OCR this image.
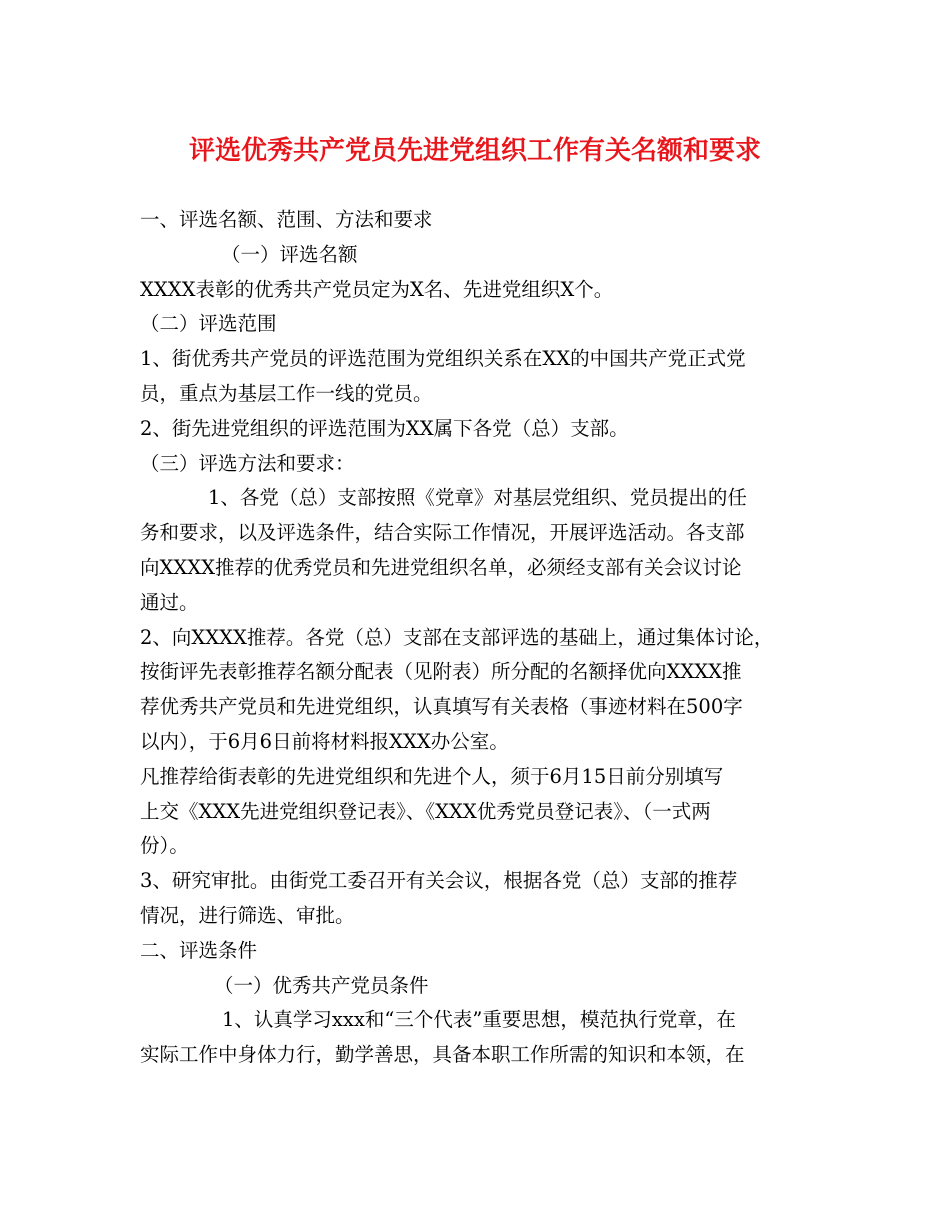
评选优秀共产党员先进党组织工作有关名额和要求
一、评选名额、范围、方法和要求
（一）评选名额
XXXX表彰的优秀共产党员定为X名、先进党组织X个。
（二）评选范围
1、街优秀共产党员的评选范围为党组织关系在XX的中国共产党正式党
员，重点为基层工作一线的党员。
2、街先进党组织的评选范围为XX属下各党（总）支部。
（三）评选方法和要求：
1、各党（总）支部按照《党章》对基层党组织、党员提出的任
务和要求，以及评选条件，结合实际工作情况，开展评选活动。各支部
向XXXX推荐的优秀党员和先进党组织名单，必须经支部有关会议讨论
通过。
2、向XXXX推荐。各党（总）支部在支部评选的基础上，通过集体讨论，
按街评先表彰推荐名额分配表（见附表）所分配的名额择优向XXXX推
荐优秀共产党员和先进党组织，认真填写有关表格（事迹材料在500字
以内），于6月6日前将材料报XXX办公室。
凡推荐给街表彰的先进党组织和先进个人，须于6月15日前分别填写
上交《XXX先进党组织登记表》、《XXX优秀党员登记表》、（一式两
份）。
3、研究审批。由街党工委召开有关会议，根据各党（总）支部的推荐
情况，进行筛选、审批。
二、评选条件
（一）优秀共产党员条件
1、认真学习xxx和“三个代表”重要思想，模范执行党章，在
实际工作中身体力行，勤学善思，具备本职工作所需的知识和本领，在
